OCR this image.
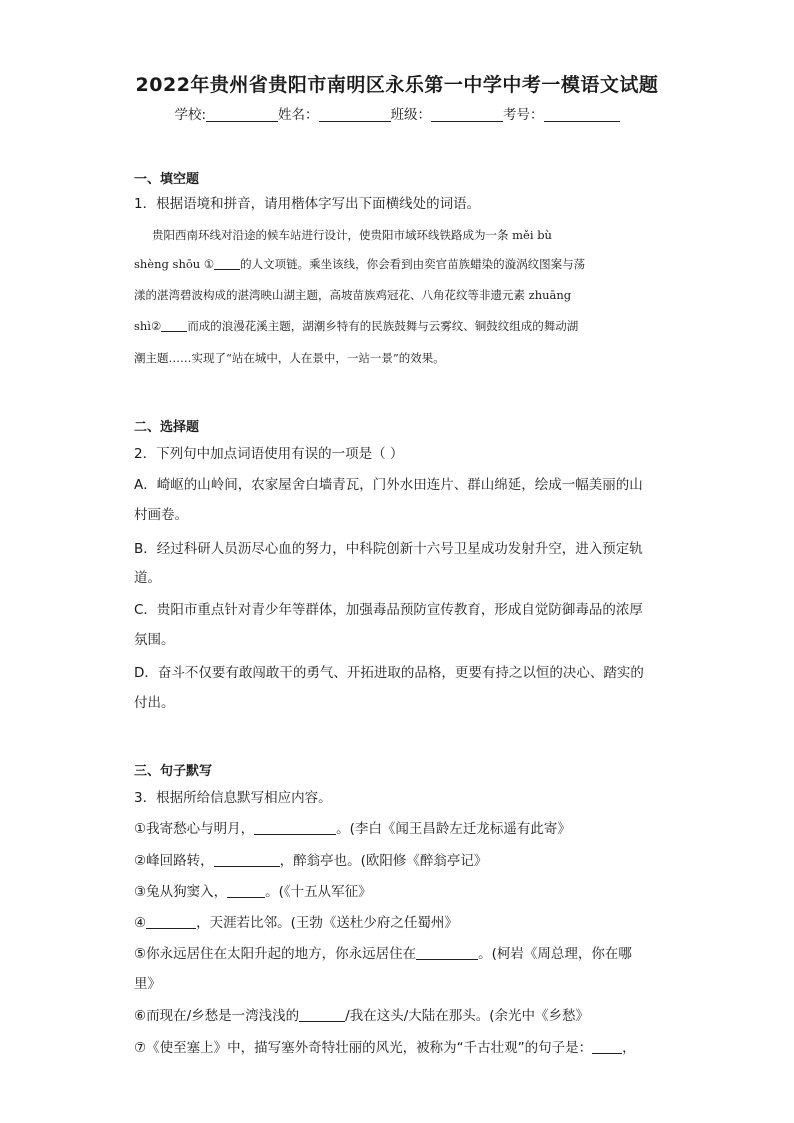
2022年贵州省贵阳市南明区永乐第一中学中考一模语文试题
学校:	姓名：	班级：	考号：
一、填空题
1．根据语境和拼音，请用楷体字写出下面横线处的词语。
贵阳西南环线对沿途的候车站进行设计，使贵阳市域环线铁路成为一条 měi bù
shèng shōu ① 的人文项链。乘坐该线，你会看到由奕官苗族蜡染的漩涡纹图案与荡
漾的湛湾碧波构成的湛湾映山湖主题，高坡苗族鸡冠花、八角花纹等非遗元素 zhuāng
shì② 而成的浪漫花溪主题，湖潮乡特有的民族鼓舞与云雾纹、铜鼓纹组成的舞动湖
潮主题……实现了“站在城中，人在景中，一站一景”的效果。
二、选择题
2．下列句中加点词语使用有误的一项是（ ）
A．崎岖的山岭间，农家屋舍白墙青瓦，门外水田连片、群山绵延，绘成一幅美丽的山
村画卷。
B．经过科研人员沥尽心血的努力，中科院创新十六号卫星成功发射升空，进入预定轨
道。
C．贵阳市重点针对青少年等群体，加强毒品预防宣传教育，形成自觉防御毒品的浓厚
氛围。
D．奋斗不仅要有敢闯敢干的勇气、开拓进取的品格，更要有持之以恒的决心、踏实的
付出。
三、句子默写
3．根据所给信息默写相应内容。
①我寄愁心与明月，	。(李白《闻王昌龄左迁龙标遥有此寄》
②峰回路转，	，醉翁亭也。(欧阳修《醉翁亭记》
③兔从狗窦入，	。(《十五从军征》
④	，天涯若比邻。(王勃《送杜少府之任蜀州》
⑤你永远居住在太阳升起的地方，你永远居住在	。(柯岩《周总理，你在哪
里》
⑥而现在/乡愁是一湾浅浅的	/我在这头/大陆在那头。(余光中《乡愁》
⑦《使至塞上》中，描写塞外奇特壮丽的风光，被称为“千古壮观”的句子是： ，
